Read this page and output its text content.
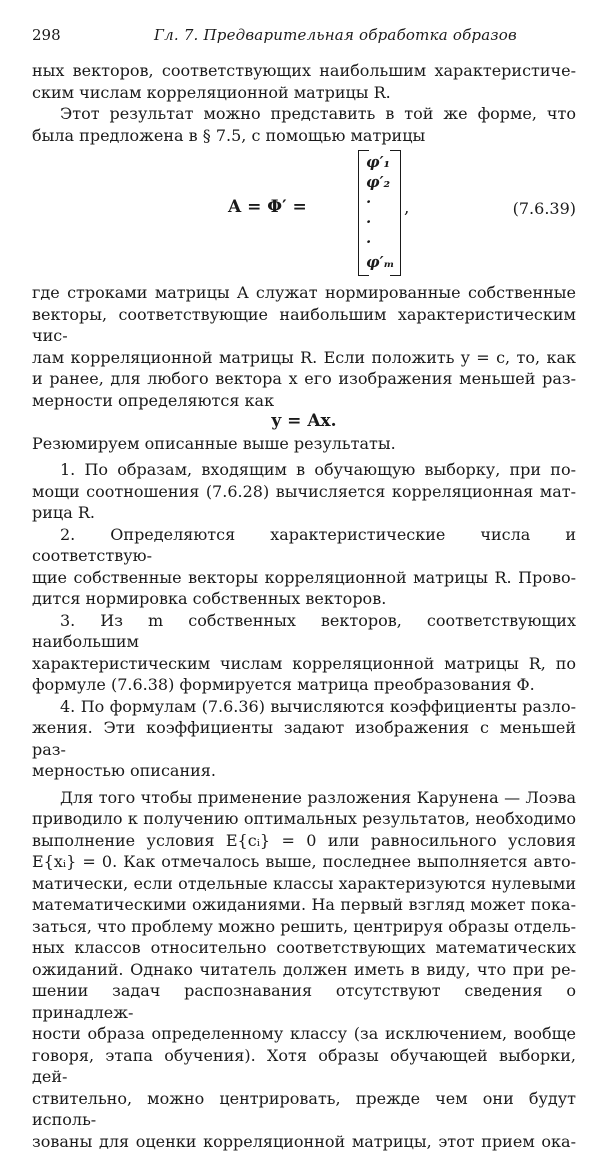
298	Гл. 7. Предварительная обработка образов

ных векторов, соответствующих наибольшим характеристиче-

ским числам корреляционной матрицы R.

Этот результат можно представить в той же форме, что

была предложена в § 7.5, с помощью матрицы

A = Φ′ =
φ′₁
φ′₂
·
·
·
φ′ₘ
,	(7.6.39)

где строками матрицы A служат нормированные собственные

векторы, соответствующие наибольшим характеристическим чис-

лам корреляционной матрицы R. Если положить y = c, то, как

и ранее, для любого вектора x его изображения меньшей раз-

мерности определяются как

y = Ax.

Резюмируем описанные выше результаты.

1. По образам, входящим в обучающую выборку, при по-

мощи соотношения (7.6.28) вычисляется корреляционная мат-

рица R.

2. Определяются характеристические числа и соответствую-

щие собственные векторы корреляционной матрицы R. Прово-

дится нормировка собственных векторов.

3. Из m собственных векторов, соответствующих наибольшим

характеристическим числам корреляционной матрицы R, по

формуле (7.6.38) формируется матрица преобразования Φ.

4. По формулам (7.6.36) вычисляются коэффициенты разло-

жения. Эти коэффициенты задают изображения с меньшей раз-

мерностью описания.

Для того чтобы применение разложения Карунена — Лоэва

приводило к получению оптимальных результатов, необходимо

выполнение условия E{cᵢ} = 0 или равносильного условия

E{xᵢ} = 0. Как отмечалось выше, последнее выполняется авто-

матически, если отдельные классы характеризуются нулевыми

математическими ожиданиями. На первый взгляд может пока-

заться, что проблему можно решить, центрируя образы отдель-

ных классов относительно соответствующих математических

ожиданий. Однако читатель должен иметь в виду, что при ре-

шении задач распознавания отсутствуют сведения о принадлеж-

ности образа определенному классу (за исключением, вообще

говоря, этапа обучения). Хотя образы обучающей выборки, дей-

ствительно, можно центрировать, прежде чем они будут исполь-

зованы для оценки корреляционной матрицы, этот прием ока-
